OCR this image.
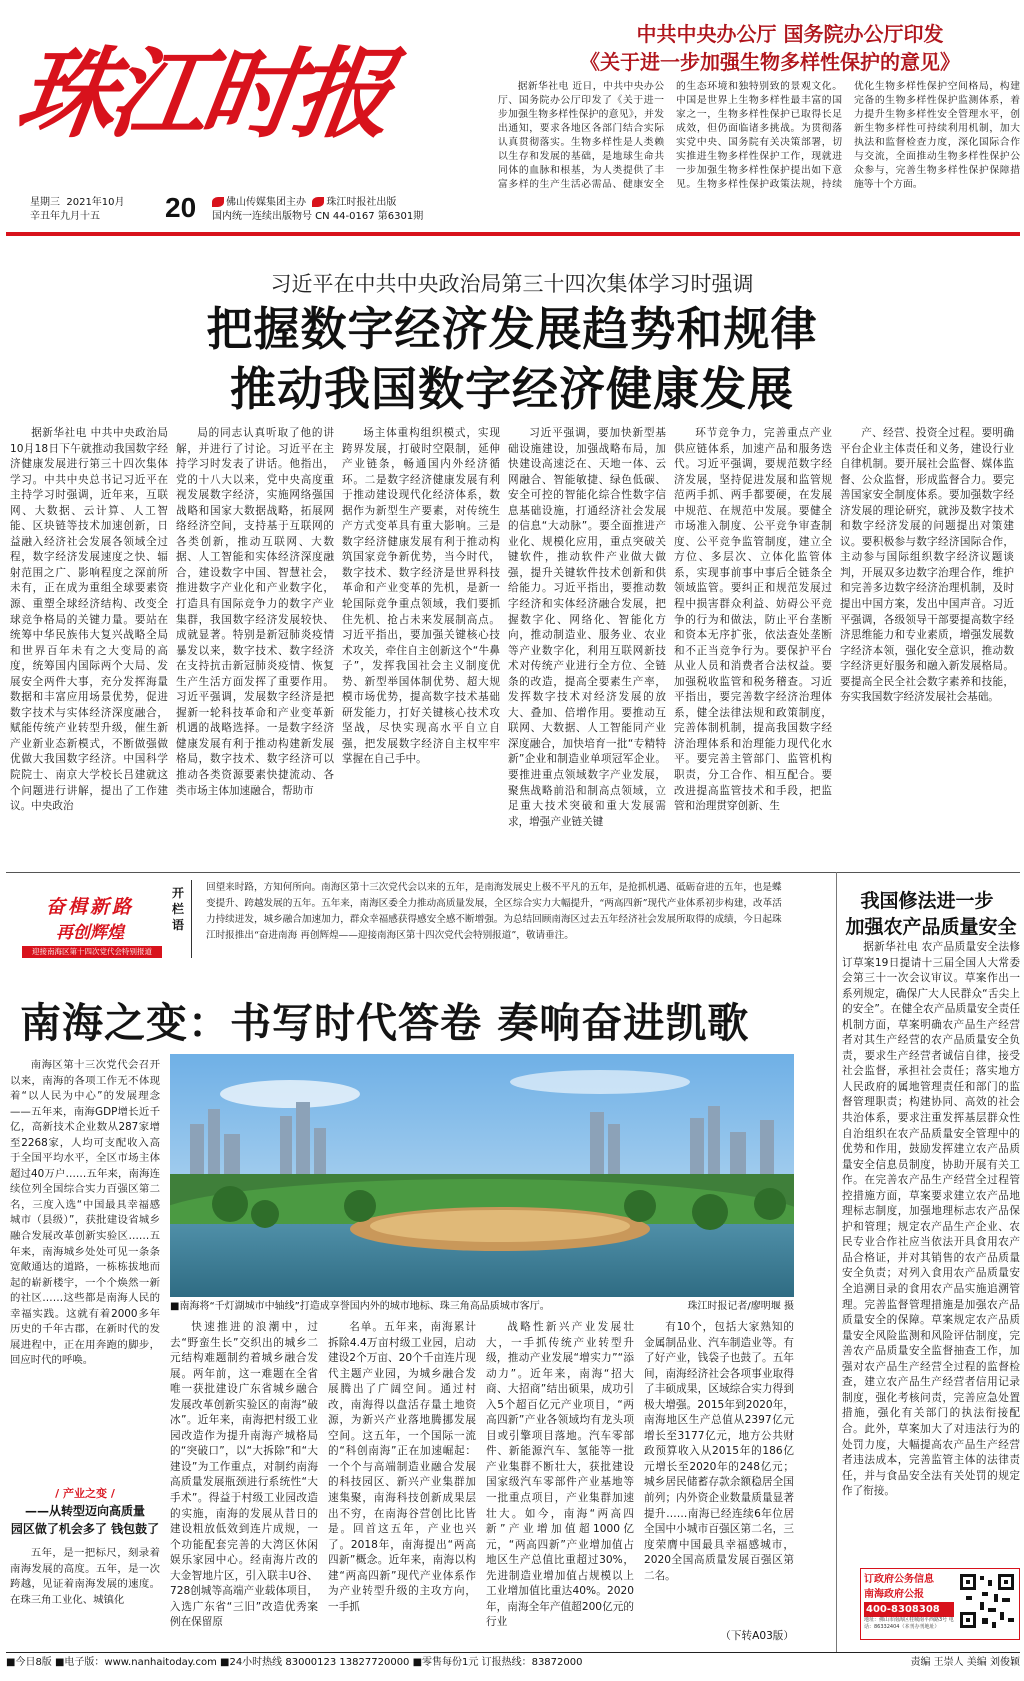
珠江时报
星期三 2021年10月
辛丑年九月十五	20	佛山传媒集团主办 珠江时报社出版
国内统一连续出版物号 CN 44-0167 第6301期
中共中央办公厅 国务院办公厅印发
《关于进一步加强生物多样性保护的意见》

据新华社电 近日，中共中央办公厅、国务院办公厅印发了《关于进一步加强生物多样性保护的意见》，并发出通知，要求各地区各部门结合实际认真贯彻落实。生物多样性是人类赖以生存和发展的基础，是地球生命共同体的血脉和根基，为人类提供了丰富多样的生产生活必需品、健康安全的生态环境和独特别致的景观文化。中国是世界上生物多样性最丰富的国家之一，生物多样性保护已取得长足成效，但仍面临诸多挑战。为贯彻落实党中央、国务院有关决策部署，切实推进生物多样性保护工作，现就进一步加强生物多样性保护提出如下意见。生物多样性保护政策法规，持续优化生物多样性保护空间格局，构建完备的生物多样性保护监测体系，着力提升生物多样性安全管理水平，创新生物多样性可持续利用机制，加大执法和监督检查力度，深化国际合作与交流，全面推动生物多样性保护公众参与，完善生物多样性保护保障措施等十个方面。

习近平在中共中央政治局第三十四次集体学习时强调
把握数字经济发展趋势和规律
推动我国数字经济健康发展

据新华社电 中共中央政治局10月18日下午就推动我国数字经济健康发展进行第三十四次集体学习。中共中央总书记习近平在主持学习时强调，近年来，互联网、大数据、云计算、人工智能、区块链等技术加速创新，日益融入经济社会发展各领域全过程，数字经济发展速度之快、辐射范围之广、影响程度之深前所未有，正在成为重组全球要素资源、重塑全球经济结构、改变全球竞争格局的关键力量。要站在统筹中华民族伟大复兴战略全局和世界百年未有之大变局的高度，统筹国内国际两个大局、发展安全两件大事，充分发挥海量数据和丰富应用场景优势，促进数字技术与实体经济深度融合，赋能传统产业转型升级，催生新产业新业态新模式，不断做强做优做大我国数字经济。中国科学院院士、南京大学校长吕建就这个问题进行讲解，提出了工作建议。中央政治

局的同志认真听取了他的讲解，并进行了讨论。习近平在主持学习时发表了讲话。他指出，党的十八大以来，党中央高度重视发展数字经济，实施网络强国战略和国家大数据战略，拓展网络经济空间，支持基于互联网的各类创新，推动互联网、大数据、人工智能和实体经济深度融合，建设数字中国、智慧社会，推进数字产业化和产业数字化，打造具有国际竞争力的数字产业集群，我国数字经济发展较快、成就显著。特别是新冠肺炎疫情暴发以来，数字技术、数字经济在支持抗击新冠肺炎疫情、恢复生产生活方面发挥了重要作用。习近平强调，发展数字经济是把握新一轮科技革命和产业变革新机遇的战略选择。一是数字经济健康发展有利于推动构建新发展格局，数字技术、数字经济可以推动各类资源要素快捷流动、各类市场主体加速融合，帮助市

场主体重构组织模式，实现跨界发展，打破时空限制，延伸产业链条，畅通国内外经济循环。二是数字经济健康发展有利于推动建设现代化经济体系，数据作为新型生产要素，对传统生产方式变革具有重大影响。三是数字经济健康发展有利于推动构筑国家竞争新优势，当今时代，数字技术、数字经济是世界科技革命和产业变革的先机，是新一轮国际竞争重点领域，我们要抓住先机、抢占未来发展制高点。习近平指出，要加强关键核心技术攻关，牵住自主创新这个“牛鼻子”，发挥我国社会主义制度优势、新型举国体制优势、超大规模市场优势，提高数字技术基础研发能力，打好关键核心技术攻坚战，尽快实现高水平自立自强，把发展数字经济自主权牢牢掌握在自己手中。

习近平强调，要加快新型基础设施建设，加强战略布局，加快建设高速泛在、天地一体、云网融合、智能敏捷、绿色低碳、安全可控的智能化综合性数字信息基础设施，打通经济社会发展的信息“大动脉”。要全面推进产业化、规模化应用，重点突破关键软件，推动软件产业做大做强，提升关键软件技术创新和供给能力。习近平指出，要推动数字经济和实体经济融合发展，把握数字化、网络化、智能化方向，推动制造业、服务业、农业等产业数字化，利用互联网新技术对传统产业进行全方位、全链条的改造，提高全要素生产率，发挥数字技术对经济发展的放大、叠加、倍增作用。要推动互联网、大数据、人工智能同产业深度融合，加快培育一批“专精特新”企业和制造业单项冠军企业。要推进重点领域数字产业发展，聚焦战略前沿和制高点领域，立足重大技术突破和重大发展需求，增强产业链关键

环节竞争力，完善重点产业供应链体系，加速产品和服务迭代。习近平强调，要规范数字经济发展，坚持促进发展和监管规范两手抓、两手都要硬，在发展中规范、在规范中发展。要健全市场准入制度、公平竞争审查制度、公平竞争监管制度，建立全方位、多层次、立体化监管体系，实现事前事中事后全链条全领域监管。要纠正和规范发展过程中损害群众利益、妨碍公平竞争的行为和做法，防止平台垄断和资本无序扩张，依法查处垄断和不正当竞争行为。要保护平台从业人员和消费者合法权益。要加强税收监管和税务稽查。习近平指出，要完善数字经济治理体系，健全法律法规和政策制度，完善体制机制，提高我国数字经济治理体系和治理能力现代化水平。要完善主管部门、监管机构职责，分工合作、相互配合。要改进提高监管技术和手段，把监管和治理贯穿创新、生

产、经营、投资全过程。要明确平台企业主体责任和义务，建设行业自律机制。要开展社会监督、媒体监督、公众监督，形成监督合力。要完善国家安全制度体系。要加强数字经济发展的理论研究，就涉及数字技术和数字经济发展的问题提出对策建议。要积极参与数字经济国际合作，主动参与国际组织数字经济议题谈判，开展双多边数字治理合作，维护和完善多边数字经济治理机制，及时提出中国方案，发出中国声音。习近平强调，各级领导干部要提高数字经济思维能力和专业素质，增强发展数字经济本领，强化安全意识，推动数字经济更好服务和融入新发展格局。要提高全民全社会数字素养和技能，夯实我国数字经济发展社会基础。

奋楫新路
再创辉煌
迎接南海区第十四次党代会特别报道
开栏语

回望来时路，方知何所向。南海区第十三次党代会以来的五年，是南海发展史上极不平凡的五年，是抢抓机遇、砥砺奋进的五年，也是蝶变提升、跨越发展的五年。五年来，南海区委全力推动高质量发展，全区综合实力大幅提升，“两高四新”现代产业体系初步构建，改革活力持续迸发，城乡融合加速加力，群众幸福感获得感安全感不断增强。为总结回顾南海区过去五年经济社会发展所取得的成绩，今日起珠江时报推出“奋进南海 再创辉煌——迎接南海区第十四次党代会特别报道”，敬请垂注。

南海之变：书写时代答卷 奏响奋进凯歌

南海区第十三次党代会召开以来，南海的各项工作无不体现着“以人民为中心”的发展理念——五年来，南海GDP增长近千亿，高新技术企业数从287家增至2268家，人均可支配收入高于全国平均水平，全区市场主体超过40万户……五年来，南海连续位列全国综合实力百强区第二名，三度入选“中国最具幸福感城市（县级）”，获批建设省城乡融合发展改革创新实验区……五年来，南海城乡处处可见一条条宽敞通达的道路，一栋栋拔地而起的崭新楼宇，一个个焕然一新的社区……这些都是南海人民的幸福实践。这就有着2000多年历史的千年古郡，在新时代的发展进程中，正在用奔跑的脚步，回应时代的呼唤。

/ 产业之变 /
——从转型迈向高质量
园区做了机会多了 钱包鼓了

五年，是一把标尺，刻录着南海发展的高度。五年，是一次跨越，见证着南海发展的速度。在珠三角工业化、城镇化

■南海将“千灯湖城市中轴线”打造成享誉国内外的城市地标、珠三角高品质城市客厅。	珠江时报记者/廖明堰 摄

快速推进的浪潮中，过去“野蛮生长”交织出的城乡二元结构难题制约着城乡融合发展。两年前，这一难题在全省唯一获批建设广东省城乡融合发展改革创新实验区的南海“破冰”。近年来，南海把村级工业园改造作为提升南海产城格局的“突破口”，以“大拆除”和“大建设”为工作重点，对制约南海高质量发展瓶颈进行系统性“大手术”。得益于村级工业园改造的实施，南海的发展从昔日的建设粗放低效到连片成规，一个功能配套完善的大湾区休闲娱乐家园中心。经南海片改的大金智地片区，引入联丰U谷、728创城等高端产业载体项目，入选广东省“三旧”改造优秀案例在保留原

名单。五年来，南海累计拆除4.4万亩村级工业园，启动建设2个万亩、20个千亩连片现代主题产业园，为城乡融合发展腾出了广阔空间。通过村改，南海得以盘活存量土地资源，为新兴产业落地腾挪发展空间。这五年，一个国际一流的“科创南海”正在加速崛起：一个个与高端制造业融合发展的科技园区、新兴产业集群加速集聚，南海科技创新成果层出不穷，在南海谷营创比比皆是。回首这五年，产业也兴了。2018年，南海提出“两高四新”概念。近年来，南海以构建“两高四新”现代产业体系作为产业转型升级的主攻方向，一手抓

战略性新兴产业发展壮大，一手抓传统产业转型升级，推动产业发展“增实力”“添动力”。近年来，南海“招大商、大招商”结出硕果，成功引入5个超百亿元产业项目，“两高四新”产业各领域均有龙头项目或引擎项目落地。汽车零部件、新能源汽车、氢能等一批产业集群不断壮大，获批建设国家级汽车零部件产业基地等一批重点项目，产业集群加速壮大。如今，南海“两高四新”产业增加值超1000亿元，“两高四新”产业增加值占地区生产总值比重超过30%，先进制造业增加值占规模以上工业增加值比重达40%。2020年，南海全年产值超200亿元的行业

有10个，包括大家熟知的金属制品业、汽车制造业等。有了好产业，钱袋子也鼓了。五年间，南海经济社会各项事业取得了丰硕成果，区域综合实力得到极大增强。2015年到2020年，南海地区生产总值从2397亿元增长至3177亿元，地方公共财政预算收入从2015年的186亿元增长至2020年的248亿元；城乡居民储蓄存款余额稳居全国前列；内外资企业数量质量显著提升……南海已经连续6年位居全国中小城市百强区第二名，三度荣膺中国最具幸福感城市，2020全国高质量发展百强区第二名。

（下转A03版）
我国修法进一步
加强农产品质量安全

据新华社电 农产品质量安全法修订草案19日提请十三届全国人大常委会第三十一次会议审议。草案作出一系列规定，确保广大人民群众“舌尖上的安全”。在健全农产品质量安全责任机制方面，草案明确农产品生产经营者对其生产经营的农产品质量安全负责，要求生产经营者诚信自律，接受社会监督，承担社会责任；落实地方人民政府的属地管理责任和部门的监督管理职责；构建协同、高效的社会共治体系，要求注重发挥基层群众性自治组织在农产品质量安全管理中的优势和作用，鼓励发挥建立农产品质量安全信息员制度，协助开展有关工作。在完善农产品生产经营全过程管控措施方面，草案要求建立农产品地理标志制度，加强地理标志农产品保护和管理；规定农产品生产企业、农民专业合作社应当依法开具食用农产品合格证，并对其销售的农产品质量安全负责；对列入食用农产品质量安全追溯目录的食用农产品实施追溯管理。完善监督管理措施是加强农产品质量安全的保障。草案规定农产品质量安全风险监测和风险评估制度，完善农产品质量安全监督抽查工作，加强对农产品生产经营全过程的监督检查，建立农产品生产经营者信用记录制度，强化考核问责，完善应急处置措施，强化有关部门的执法衔接配合。此外，草案加大了对违法行为的处罚力度，大幅提高农产品生产经营者违法成本，完善监管主体的法律责任，并与食品安全法有关处罚的规定作了衔接。

订政府公务信息
南海政府公报
400-8308308
地址：佛山市南海区桂城南平西路3号 电话：86332404（本刊办刊地址）
■今日8版 ■电子版：www.nanhaitoday.com ■24小时热线 83000123 13827720000 ■零售每份1元 订报热线：83872000	责编 王崇人 美编 刘俊颖
